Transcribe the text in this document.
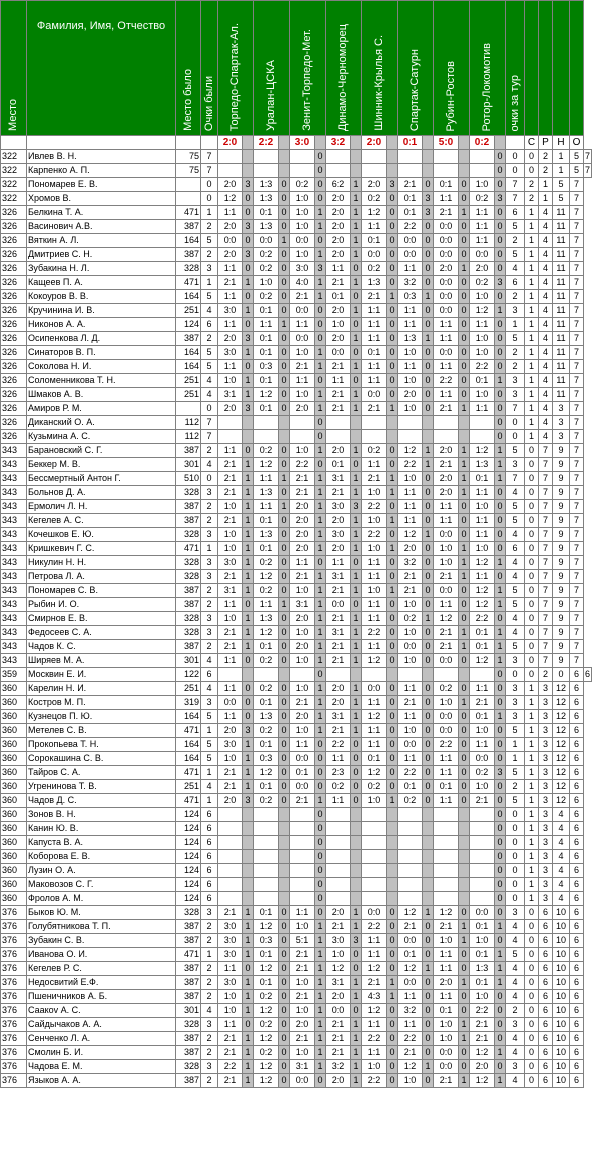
Место	Фамилия, Имя, Отчество	Место было	Очки были	Торпедо-Спартак-Ал.		Уралан-ЦСКА		Зенит-Торпедо-Мет.		Динамо-Черноморец		Шинник-Крылья С.		Спартак-Сатурн		Рубин-Ростов		Ротор-Локомотив		очки за тур					
				2:0		2:2		3:0		3:2		2:0		0:1		5:0		0:2			С	Р	Н	О	
322	Ивлев В. Н.	75	7						0										0	0	0	2	1	5	7
322	Карпенко А. П.	75	7						0										0	0	0	2	1	5	7
322	Пономарев Е. В.		0	2:0	3	1:3	0	0:2	0	6:2	1	2:0	3	2:1	0	0:1	0	1:0	0	7	2	1	5	7	
322	Хромов В.		0	1:2	0	1:3	0	1:0	0	2:0	1	0:2	0	0:1	3	1:1	0	0:2	3	7	2	1	5	7	
326	Белкина Т. А.	471	1	1:1	0	0:1	0	1:0	1	2:0	1	1:2	0	0:1	3	2:1	1	1:1	0	6	1	4	11	7	
326	Васинович А.В.	387	2	2:0	3	1:3	0	1:0	1	2:0	1	1:1	0	2:2	0	0:0	0	1:1	0	5	1	4	11	7	
326	Вяткин А. Л.	164	5	0:0	0	0:0	1	0:0	0	2:0	1	0:1	0	0:0	0	0:0	0	1:1	0	2	1	4	11	7	
326	Дмитриев С. Н.	387	2	2:0	3	0:2	0	1:0	1	2:0	1	0:0	0	0:0	0	0:0	0	0:0	0	5	1	4	11	7	
326	Зубакина Н. Л.	328	3	1:1	0	0:2	0	3:0	3	1:1	0	0:2	0	1:1	0	2:0	1	2:0	0	4	1	4	11	7	
326	Кащеев П. А.	471	1	2:1	1	1:0	0	4:0	1	2:1	1	1:3	0	3:2	0	0:0	0	0:2	3	6	1	4	11	7	
326	Кокоуров В. В.	164	5	1:1	0	0:2	0	2:1	1	0:1	0	2:1	1	0:3	1	0:0	0	1:0	0	2	1	4	11	7	
326	Кручинина И. В.	251	4	3:0	1	0:1	0	0:0	0	2:0	1	1:1	0	1:1	0	0:0	0	1:2	1	3	1	4	11	7	
326	Никонов А. А.	124	6	1:1	0	1:1	1	1:1	0	1:0	0	1:1	0	1:1	0	1:1	0	1:1	0	1	1	4	11	7	
326	Осипенкова Л. Д.	387	2	2:0	3	0:1	0	0:0	0	2:0	1	1:1	0	1:3	1	1:1	0	1:0	0	5	1	4	11	7	
326	Синаторов В. П.	164	5	3:0	1	0:1	0	1:0	1	0:0	0	0:1	0	1:0	0	0:0	0	1:0	0	2	1	4	11	7	
326	Соколова Н. И.	164	5	1:1	0	0:3	0	2:1	1	2:1	1	1:1	0	1:1	0	1:1	0	2:2	0	2	1	4	11	7	
326	Соломенникова Т. Н.	251	4	1:0	1	0:1	0	1:1	0	1:1	0	1:1	0	1:0	0	2:2	0	0:1	1	3	1	4	11	7	
326	Шмаков А. В.	251	4	3:1	1	1:2	0	1:0	1	2:1	1	0:0	0	2:0	0	1:1	0	1:0	0	3	1	4	11	7	
326	Амиров Р. М.		0	2:0	3	0:1	0	2:0	1	2:1	1	2:1	1	1:0	0	2:1	1	1:1	0	7	1	4	3	7	
326	Диканский О. А.	112	7						0										0	0	1	4	3	7	
326	Кузьмина А. С.	112	7						0										0	0	1	4	3	7	
343	Барановский С. Г.	387	2	1:1	0	0:2	0	1:0	1	2:0	1	0:2	0	1:2	1	2:0	1	1:2	1	5	0	7	9	7	
343	Беккер М. В.	301	4	2:1	1	1:2	0	2:2	0	0:1	0	1:1	0	2:2	1	2:1	1	1:3	1	3	0	7	9	7	
343	Бессмертный Антон Г.	510	0	2:1	1	1:1	1	2:1	1	3:1	1	2:1	1	1:0	0	2:0	1	0:1	1	7	0	7	9	7	
343	Больнов Д. А.	328	3	2:1	1	1:3	0	2:1	1	2:1	1	1:0	1	1:1	0	2:0	1	1:1	0	4	0	7	9	7	
343	Ермолич Л. Н.	387	2	1:0	1	1:1	1	2:0	1	3:0	3	2:2	0	1:1	0	1:1	0	1:0	0	5	0	7	9	7	
343	Кегелев А. С.	387	2	2:1	1	0:1	0	2:0	1	2:0	1	1:0	1	1:1	0	1:1	0	1:1	0	5	0	7	9	7	
343	Кочешков Е. Ю.	328	3	1:0	1	1:3	0	2:0	1	3:0	1	2:2	0	1:2	1	0:0	0	1:1	0	4	0	7	9	7	
343	Кришкевич Г. С.	471	1	1:0	1	0:1	0	2:0	1	2:0	1	1:0	1	2:0	0	1:0	1	1:0	0	6	0	7	9	7	
343	Никулин Н. Н.	328	3	3:0	1	0:2	0	1:1	0	1:1	0	1:1	0	3:2	0	1:0	1	1:2	1	4	0	7	9	7	
343	Петрова Л. А.	328	3	2:1	1	1:2	0	2:1	1	3:1	1	1:1	0	2:1	0	2:1	1	1:1	0	4	0	7	9	7	
343	Пономарев С. В.	387	2	3:1	1	0:2	0	1:0	1	2:1	1	1:0	1	2:1	0	0:0	0	1:2	1	5	0	7	9	7	
343	Рыбин И. О.	387	2	1:1	0	1:1	1	3:1	1	0:0	0	1:1	0	1:0	0	1:1	0	1:2	1	5	0	7	9	7	
343	Смирнов Е. В.	328	3	1:0	1	1:3	0	2:0	1	2:1	1	1:1	0	0:2	1	1:2	0	2:2	0	4	0	7	9	7	
343	Федосеев С. А.	328	3	2:1	1	1:2	0	1:0	1	3:1	1	2:2	0	1:0	0	2:1	1	0:1	1	4	0	7	9	7	
343	Чадов К. С.	387	2	2:1	1	0:1	0	2:0	1	2:1	1	1:1	0	0:0	0	2:1	1	0:1	1	5	0	7	9	7	
343	Ширяев М. А.	301	4	1:1	0	0:2	0	1:0	1	2:1	1	1:2	0	1:0	0	0:0	0	1:2	1	3	0	7	9	7	
359	Москвин Е. И.	122	6						0										0	0	0	2	0	6	6
360	Карелин Н. И.	251	4	1:1	0	0:2	0	1:0	1	2:0	1	0:0	0	1:1	0	0:2	0	1:1	0	3	1	3	12	6	
360	Костров М. П.	319	3	0:0	0	0:1	0	2:1	1	2:0	1	1:1	0	2:1	0	1:0	1	2:1	0	3	1	3	12	6	
360	Кузнецов П. Ю.	164	5	1:1	0	1:3	0	2:0	1	3:1	1	1:2	0	1:1	0	0:0	0	0:1	1	3	1	3	12	6	
360	Метелев С. В.	471	1	2:0	3	0:2	0	1:0	1	2:1	1	1:1	0	1:0	0	0:0	0	1:0	0	5	1	3	12	6	
360	Прокопьева Т. Н.	164	5	3:0	1	0:1	0	1:1	0	2:2	0	1:1	0	0:0	0	2:2	0	1:1	0	1	1	3	12	6	
360	Сорокашина С. В.	164	5	1:0	1	0:3	0	0:0	0	1:1	0	0:1	0	1:1	0	1:1	0	0:0	0	1	1	3	12	6	
360	Тайров С. А.	471	1	2:1	1	1:2	0	0:1	0	2:3	0	1:2	0	2:2	0	1:1	0	0:2	3	5	1	3	12	6	
360	Угренинова Т. В.	251	4	2:1	1	0:1	0	0:0	0	0:2	0	0:2	0	0:1	0	0:1	0	1:0	0	2	1	3	12	6	
360	Чадов Д. С.	471	1	2:0	3	0:2	0	2:1	1	1:1	0	1:0	1	0:2	0	1:1	0	2:1	0	5	1	3	12	6	
360	Зонов В. Н.	124	6						0										0	0	1	3	4	6	
360	Канин Ю. В.	124	6						0										0	0	1	3	4	6	
360	Капуста В. А.	124	6						0										0	0	1	3	4	6	
360	Коборова Е. В.	124	6						0										0	0	1	3	4	6	
360	Лузин О. А.	124	6						0										0	0	1	3	4	6	
360	Маковозов С. Г.	124	6						0										0	0	1	3	4	6	
360	Фролов А. М.	124	6						0										0	0	1	3	4	6	
376	Быков Ю. М.	328	3	2:1	1	0:1	0	1:1	0	2:0	1	0:0	0	1:2	1	1:2	0	0:0	0	3	0	6	10	6	
376	Голубятникова Т. П.	387	2	3:0	1	1:2	0	1:0	1	2:1	1	2:2	0	2:1	0	2:1	1	0:1	1	4	0	6	10	6	
376	Зубакин С. В.	387	2	3:0	1	0:3	0	5:1	1	3:0	3	1:1	0	0:0	0	1:0	1	1:0	0	4	0	6	10	6	
376	Иванова О. И.	471	1	3:0	1	0:1	0	2:1	1	1:0	0	1:1	0	0:1	0	1:1	0	0:1	1	5	0	6	10	6	
376	Кегелев Р. С.	387	2	1:1	0	1:2	0	2:1	1	1:2	0	1:2	0	1:2	1	1:1	0	1:3	1	4	0	6	10	6	
376	Недосвитий Е.Ф.	387	2	3:0	1	0:1	0	1:0	1	3:1	1	2:1	1	0:0	0	2:0	1	0:1	1	4	0	6	10	6	
376	Пшеничников А. Б.	387	2	1:0	1	0:2	0	2:1	1	2:0	1	4:3	1	1:1	0	1:1	0	1:0	0	4	0	6	10	6	
376	Саакоv А. С.	301	4	1:0	1	1:2	0	1:0	1	0:0	0	1:2	0	3:2	0	0:1	0	2:2	0	2	0	6	10	6	
376	Сайдычаков А. А.	328	3	1:1	0	0:2	0	2:0	1	2:1	1	1:1	0	1:1	0	1:0	1	2:1	0	3	0	6	10	6	
376	Сенченко Л. А.	387	2	2:1	1	1:2	0	2:1	1	2:1	1	2:2	0	2:2	0	1:0	1	2:1	0	4	0	6	10	6	
376	Смолин Б. И.	387	2	2:1	1	0:2	0	1:0	1	2:1	1	1:1	0	2:1	0	0:0	0	1:2	1	4	0	6	10	6	
376	Чадова Е. М.	328	3	2:2	1	1:2	0	3:1	1	3:2	1	1:0	0	1:2	1	0:0	0	2:0	0	3	0	6	10	6	
376	Языков А. А.	387	2	2:1	1	1:2	0	0:0	0	2:0	1	2:2	0	1:0	0	2:1	1	1:2	1	4	0	6	10	6	
